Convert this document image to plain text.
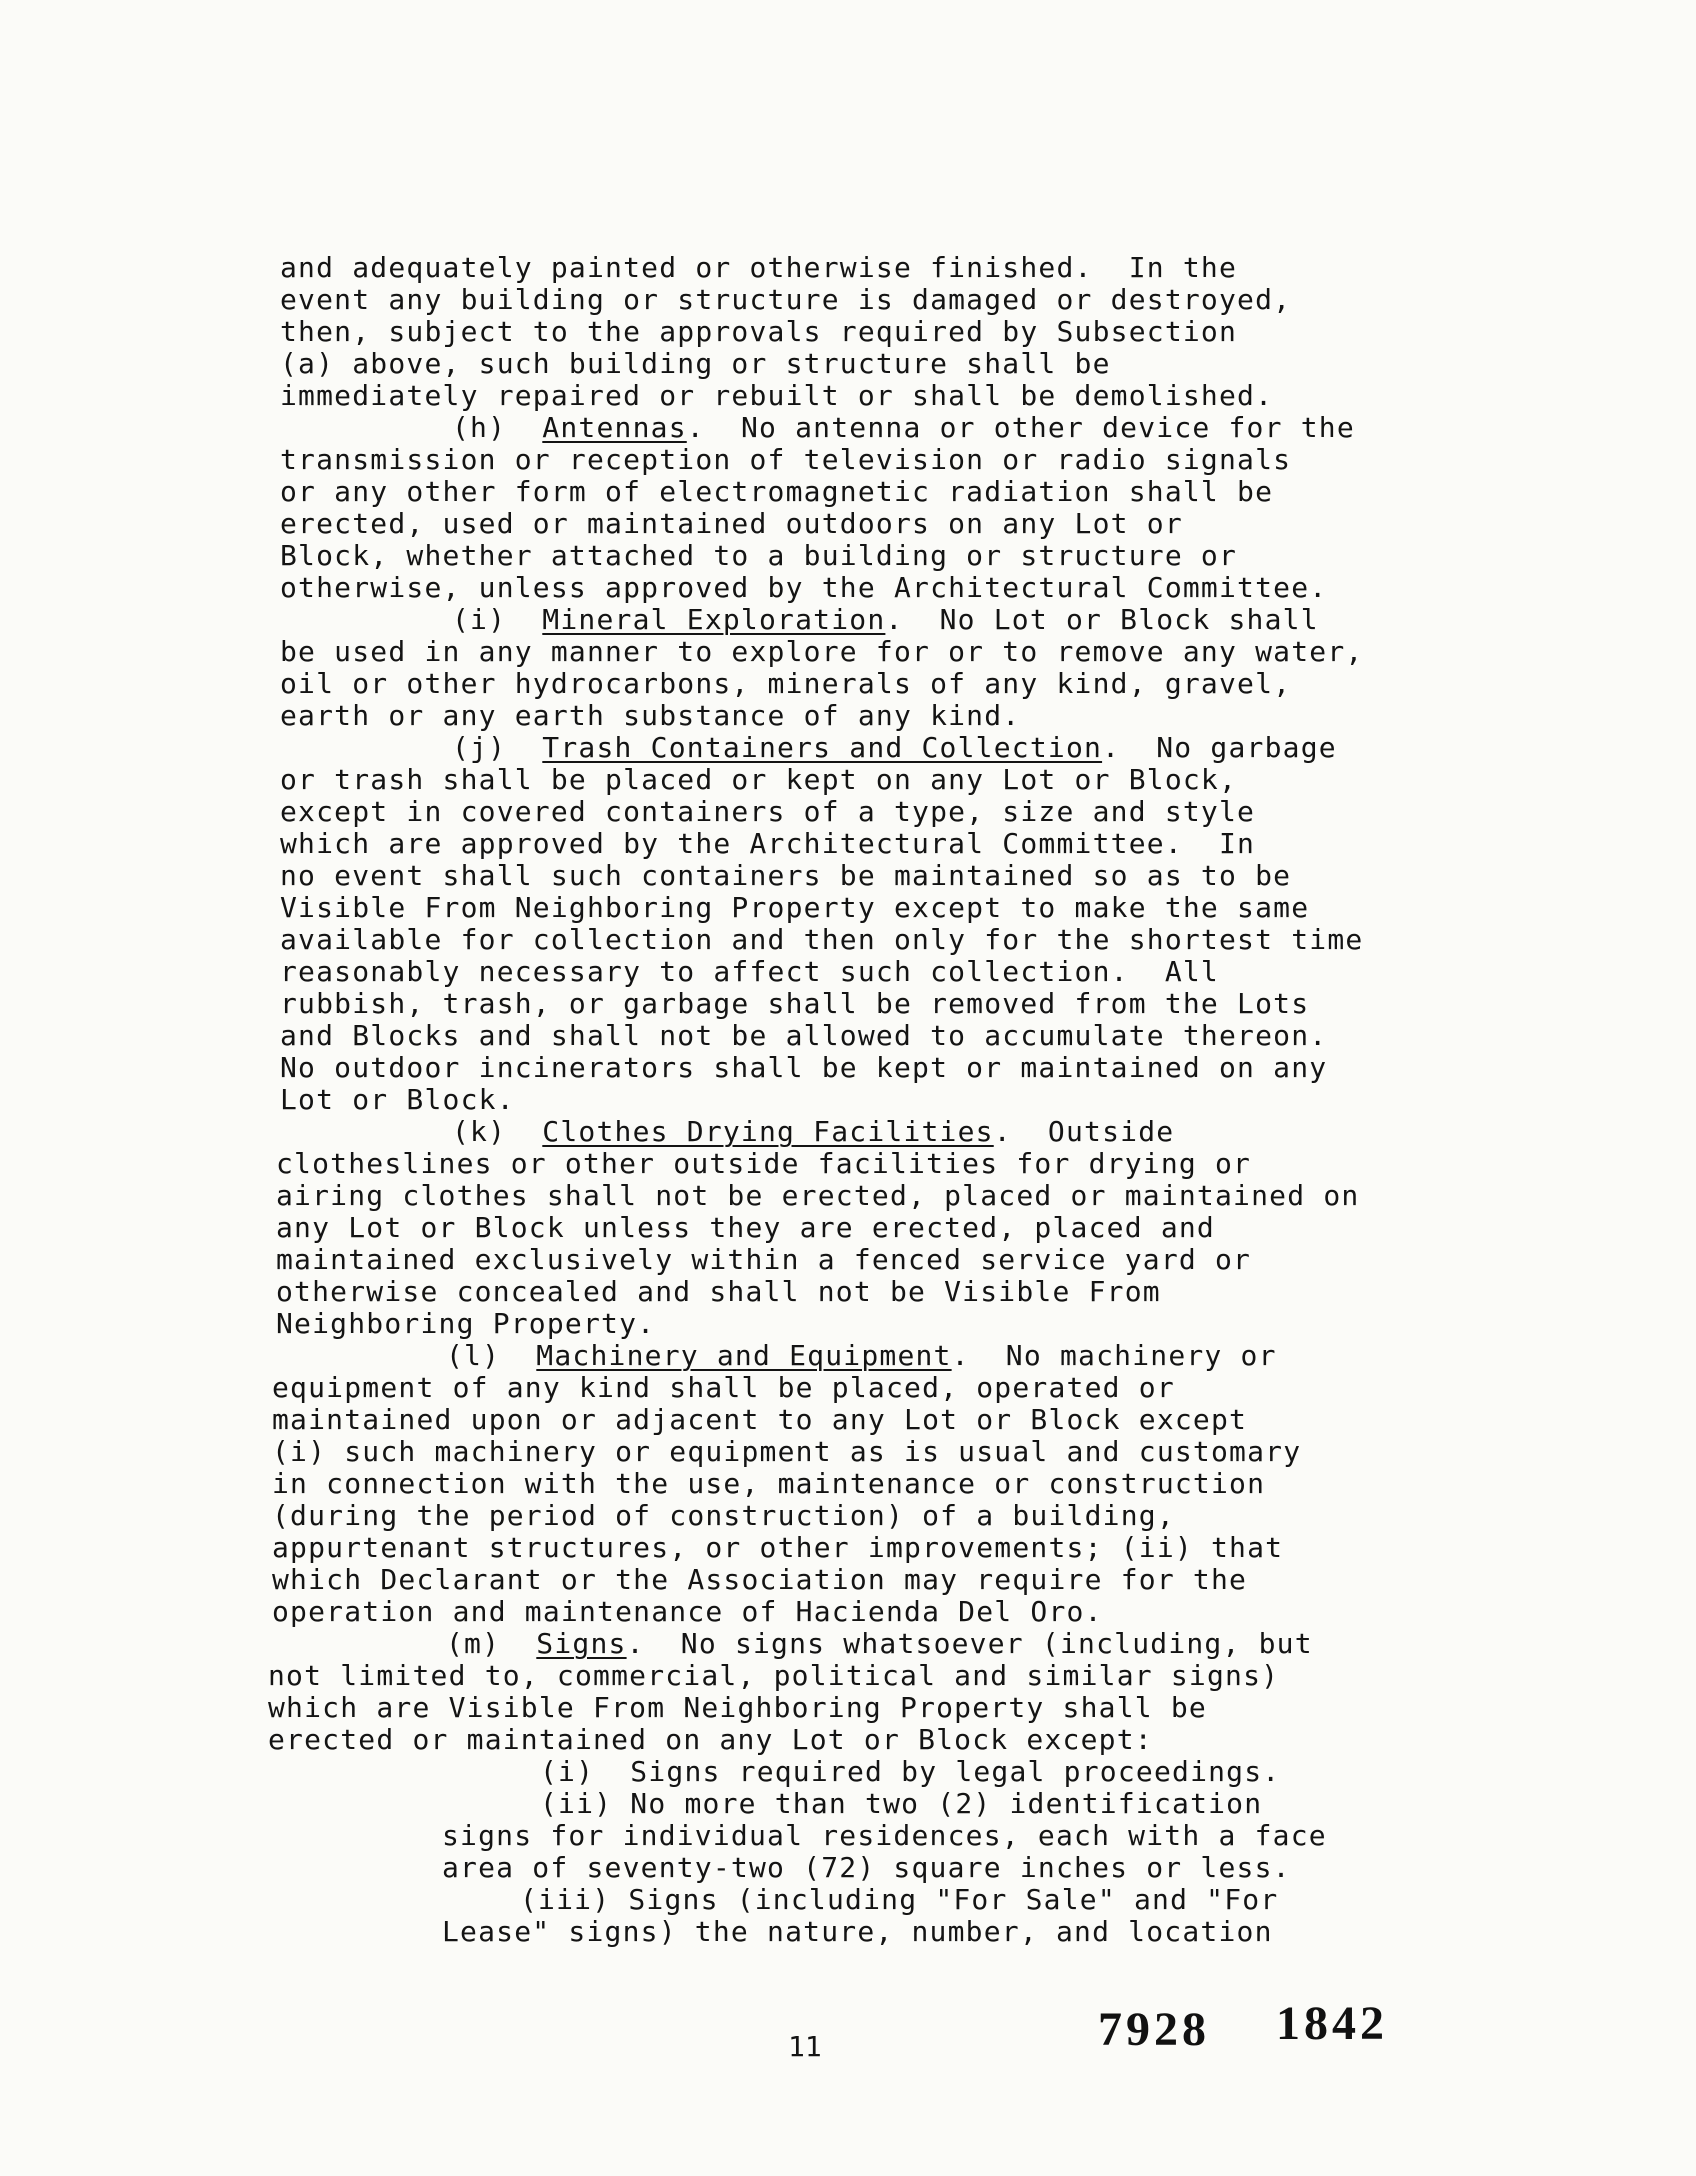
and adequately painted or otherwise finished.  In the
event any building or structure is damaged or destroyed,
then, subject to the approvals required by Subsection
(a) above, such building or structure shall be
immediately repaired or rebuilt or shall be demolished.
(h)  Antennas.  No antenna or other device for the
transmission or reception of television or radio signals
or any other form of electromagnetic radiation shall be
erected, used or maintained outdoors on any Lot or
Block, whether attached to a building or structure or
otherwise, unless approved by the Architectural Committee.
(i)  Mineral Exploration.  No Lot or Block shall
be used in any manner to explore for or to remove any water,
oil or other hydrocarbons, minerals of any kind, gravel,
earth or any earth substance of any kind.
(j)  Trash Containers and Collection.  No garbage
or trash shall be placed or kept on any Lot or Block,
except in covered containers of a type, size and style
which are approved by the Architectural Committee.  In
no event shall such containers be maintained so as to be
Visible From Neighboring Property except to make the same
available for collection and then only for the shortest time
reasonably necessary to affect such collection.  All
rubbish, trash, or garbage shall be removed from the Lots
and Blocks and shall not be allowed to accumulate thereon.
No outdoor incinerators shall be kept or maintained on any
Lot or Block.
(k)  Clothes Drying Facilities.  Outside
clotheslines or other outside facilities for drying or
airing clothes shall not be erected, placed or maintained on
any Lot or Block unless they are erected, placed and
maintained exclusively within a fenced service yard or
otherwise concealed and shall not be Visible From
Neighboring Property.
(l)  Machinery and Equipment.  No machinery or
equipment of any kind shall be placed, operated or
maintained upon or adjacent to any Lot or Block except
(i) such machinery or equipment as is usual and customary
in connection with the use, maintenance or construction
(during the period of construction) of a building,
appurtenant structures, or other improvements; (ii) that
which Declarant or the Association may require for the
operation and maintenance of Hacienda Del Oro.
(m)  Signs.  No signs whatsoever (including, but
not limited to, commercial, political and similar signs)
which are Visible From Neighboring Property shall be
erected or maintained on any Lot or Block except:
(i)  Signs required by legal proceedings.
(ii) No more than two (2) identification
signs for individual residences, each with a face
area of seventy-two (72) square inches or less.
(iii) Signs (including "For Sale" and "For
Lease" signs) the nature, number, and location
11	7928 1842
